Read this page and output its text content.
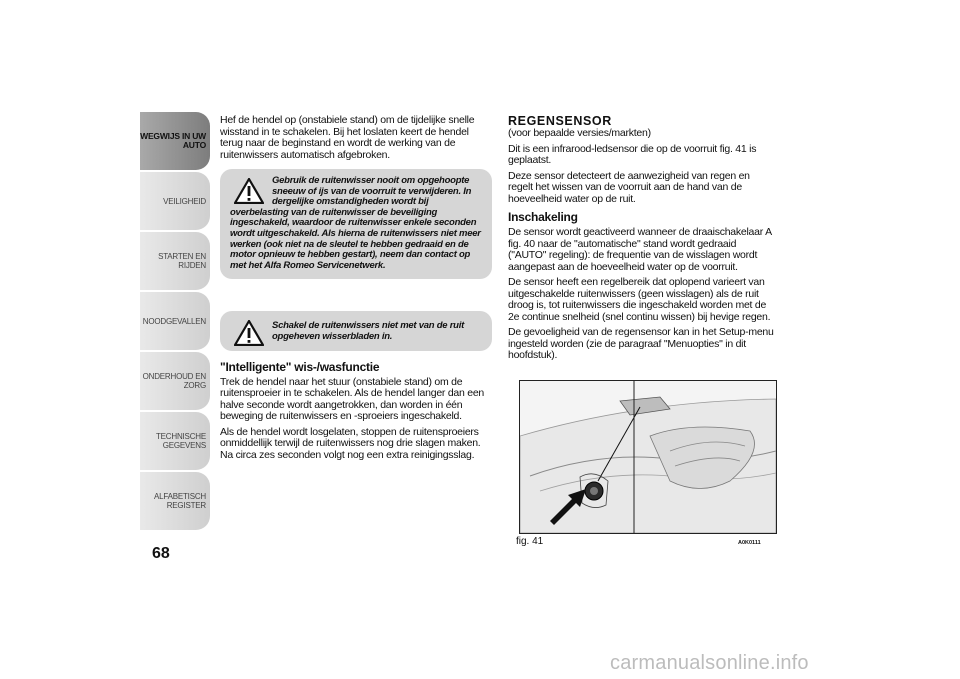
WEGWIJS IN UW AUTO
VEILIGHEID
STARTEN EN RIJDEN
NOODGEVALLEN
ONDERHOUD EN ZORG
TECHNISCHE GEGEVENS
ALFABETISCH REGISTER
68

Hef de hendel op (onstabiele stand) om de tijdelijke snelle wisstand in te schakelen. Bij het loslaten keert de hendel terug naar de beginstand en wordt de werking van de ruitenwissers automatisch afgebroken.

Gebruik de ruitenwisser nooit om opgehoopte sneeuw of ijs van de voorruit te verwijderen. In dergelijke omstandigheden wordt bij overbelasting van de ruitenwisser de beveiliging ingeschakeld, waardoor de ruitenwisser enkele seconden wordt uitgeschakeld. Als hierna de ruitenwissers niet meer werken (ook niet na de sleutel te hebben gedraaid en de motor opnieuw te hebben gestart), neem dan contact op met het Alfa Romeo Servicenetwerk.

Schakel de ruitenwissers niet met van de ruit opgeheven wisserbladen in.

"Intelligente" wis-/wasfunctie

Trek de hendel naar het stuur (onstabiele stand) om de ruitensproeier in te schakelen. Als de hendel langer dan een halve seconde wordt aangetrokken, dan worden in één beweging de ruitenwissers en -sproeiers ingeschakeld.

Als de hendel wordt losgelaten, stoppen de ruitensproeiers onmiddellijk terwijl de ruitenwissers nog drie slagen maken. Na circa zes seconden volgt nog een extra reinigingsslag.

REGENSENSOR

(voor bepaalde versies/markten)

Dit is een infrarood-ledsensor die op de voorruit fig. 41 is geplaatst.

Deze sensor detecteert de aanwezigheid van regen en regelt het wissen van de voorruit aan de hand van de hoeveelheid water op de ruit.

Inschakeling

De sensor wordt geactiveerd wanneer de draaischakelaar A fig. 40 naar de "automatische" stand wordt gedraaid ("AUTO" regeling): de frequentie van de wisslagen wordt aangepast aan de hoeveelheid water op de voorruit.

De sensor heeft een regelbereik dat oplopend varieert van uitgeschakelde ruitenwissers (geen wisslagen) als de ruit droog is, tot ruitenwissers die ingeschakeld worden met de 2e continue snelheid (snel continu wissen) bij hevige regen.

De gevoeligheid van de regensensor kan in het Setup-menu ingesteld worden (zie de paragraaf "Menuopties" in dit hoofdstuk).

fig. 41	A0K0111
carmanualsonline.info
